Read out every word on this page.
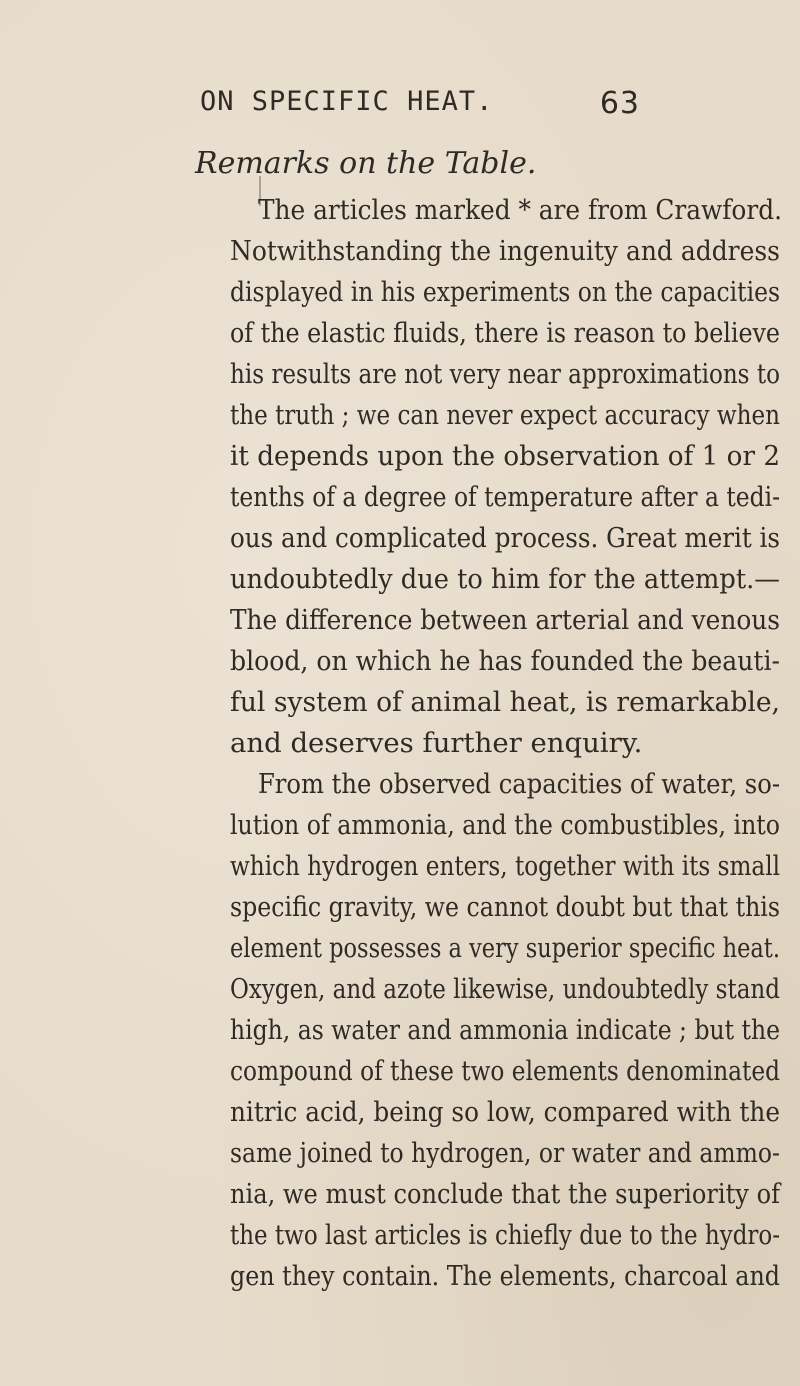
ON SPECIFIC HEAT.	63
Remarks on the Table.
The articles marked * are from Crawford.
Notwithstanding the ingenuity and address
displayed in his experiments on the capacities
of the elastic fluids, there is reason to believe
his results are not very near approximations to
the truth ; we can never expect accuracy when
it depends upon the observation of 1 or 2
tenths of a degree of temperature after a tedi-
ous and complicated process. Great merit is
undoubtedly due to him for the attempt.—
The difference between arterial and venous
blood, on which he has founded the beauti-
ful system of animal heat, is remarkable,
and deserves further enquiry.
From the observed capacities of water, so-
lution of ammonia, and the combustibles, into
which hydrogen enters, together with its small
specific gravity, we cannot doubt but that this
element possesses a very superior specific heat.
Oxygen, and azote likewise, undoubtedly stand
high, as water and ammonia indicate ; but the
compound of these two elements denominated
nitric acid, being so low, compared with the
same joined to hydrogen, or water and ammo-
nia, we must conclude that the superiority of
the two last articles is chiefly due to the hydro-
gen they contain. The elements, charcoal and
